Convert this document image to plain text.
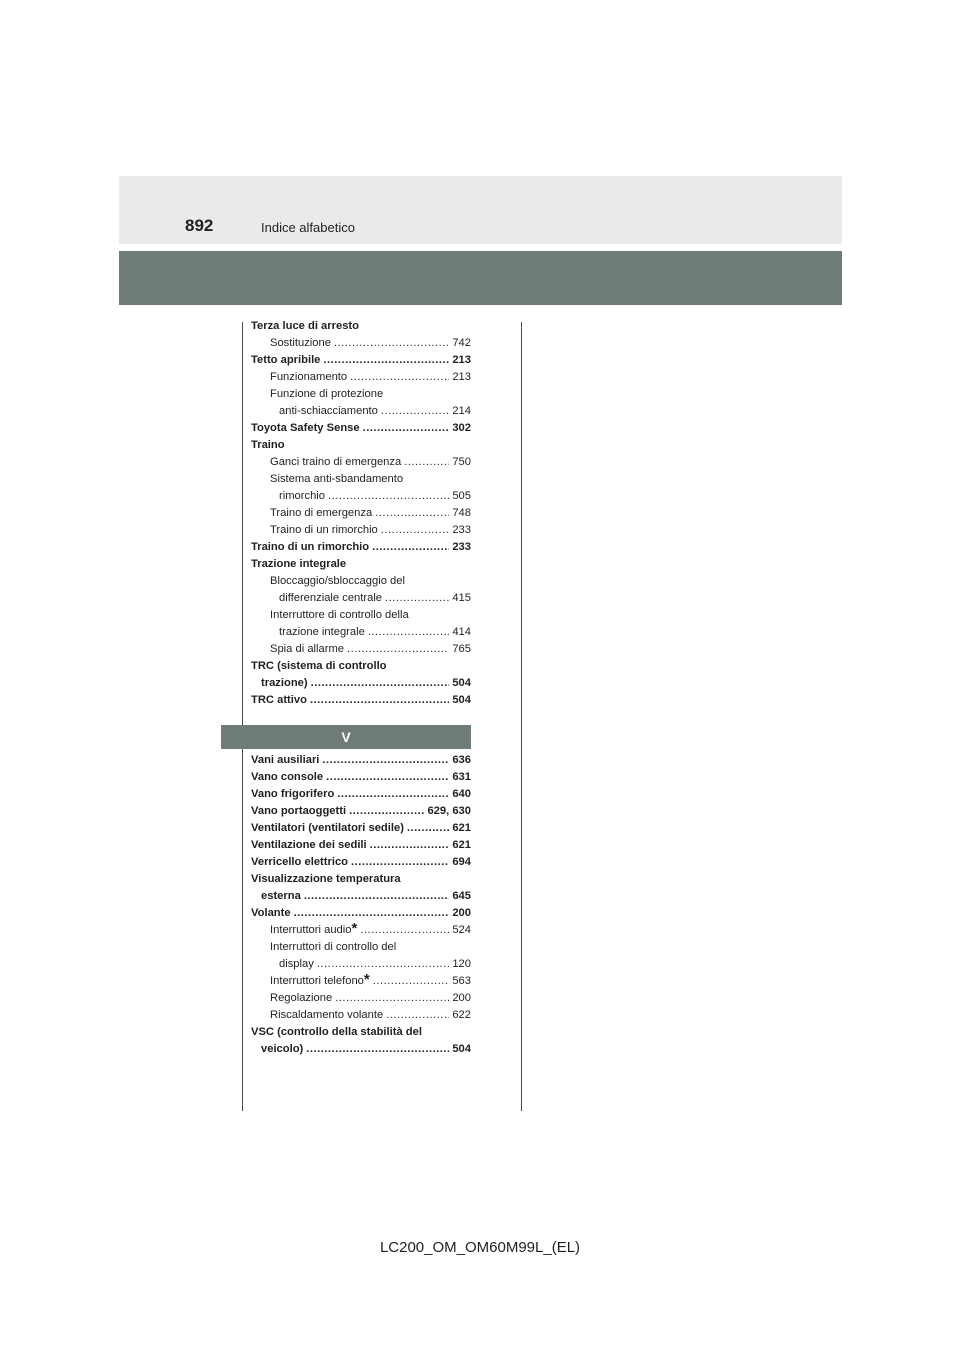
892	Indice alfabetico
Terza luce di arresto
Sostituzione .....	742
Tetto apribile .....	213
Funzionamento .....	213
Funzione di protezione
anti-schiacciamento .....	214
Toyota Safety Sense .....	302
Traino
Ganci traino di emergenza .....	750
Sistema anti-sbandamento
rimorchio .....	505
Traino di emergenza .....	748
Traino di un rimorchio .....	233
Traino di un rimorchio .....	233
Trazione integrale
Bloccaggio/sbloccaggio del
differenziale centrale .....	415
Interruttore di controllo della
trazione integrale .....	414
Spia di allarme .....	765
TRC (sistema di controllo
trazione) .....	504
TRC attivo .....	504
V
Vani ausiliari .....	636
Vano console .....	631
Vano frigorifero .....	640
Vano portaoggetti .....	629, 630
Ventilatori (ventilatori sedile) .....	621
Ventilazione dei sedili .....	621
Verricello elettrico .....	694
Visualizzazione temperatura
esterna .....	645
Volante .....	200
Interruttori audio * .....	524
Interruttori di controllo del
display .....	120
Interruttori telefono * .....	563
Regolazione .....	200
Riscaldamento volante .....	622
VSC (controllo della stabilità del
veicolo) .....	504
LC200_OM_OM60M99L_(EL)
